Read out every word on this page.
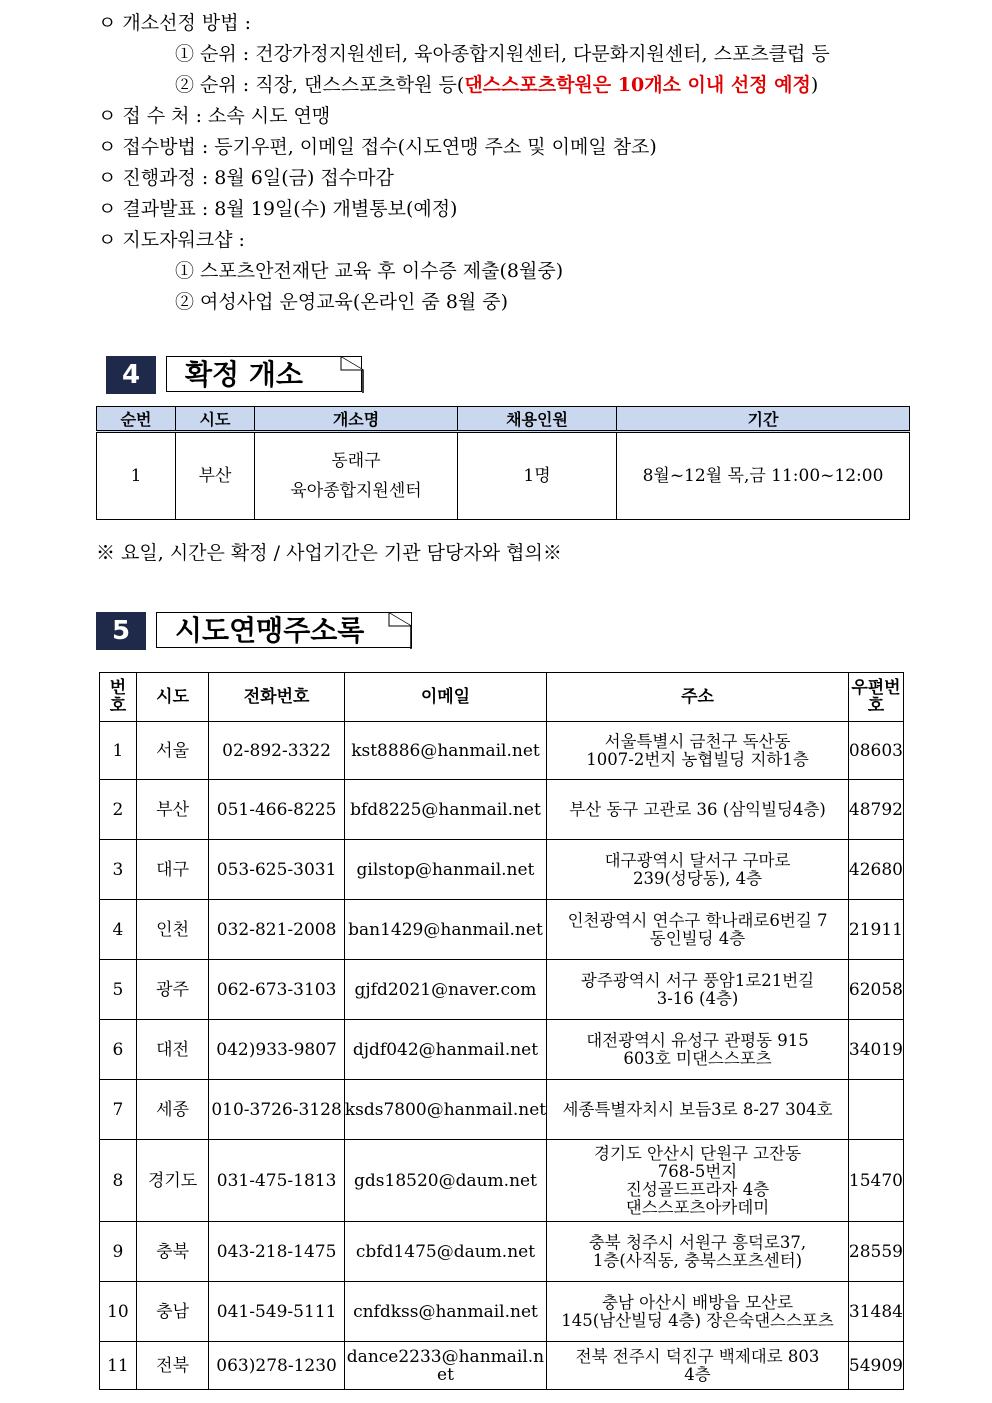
ㅇ 개소선정 방법 :
① 순위 : 건강가정지원센터, 육아종합지원센터, 다문화지원센터, 스포츠클럽 등
② 순위 : 직장, 댄스스포츠학원 등(댄스스포츠학원은 10개소 이내 선정 예정)
ㅇ 접 수 처 : 소속 시도 연맹
ㅇ 접수방법 : 등기우편, 이메일 접수(시도연맹 주소 및 이메일 참조)
ㅇ 진행과정 : 8월 6일(금) 접수마감
ㅇ 결과발표 : 8월 19일(수) 개별통보(예정)
ㅇ 지도자워크샵 :
① 스포츠안전재단 교육 후 이수증 제출(8월중)
② 여성사업 운영교육(온라인 줌 8월 중)
4	확정 개소
순번	시도	개소명	채용인원	기간
1	부산	동래구
육아종합지원센터	1명	8월~12월 목,금 11:00~12:00
※ 요일, 시간은 확정 / 사업기간은 기관 담당자와 협의※
5	시도연맹주소록
번
호	시도	전화번호	이메일	주소	우편번
호
1	서울	02-892-3322	kst8886@hanmail.net	서울특별시 금천구 독산동
1007-2번지 농협빌딩 지하1층	08603
2	부산	051-466-8225	bfd8225@hanmail.net	부산 동구 고관로 36 (삼익빌딩4층)	48792
3	대구	053-625-3031	gilstop@hanmail.net	대구광역시 달서구 구마로
239(성당동), 4층	42680
4	인천	032-821-2008	ban1429@hanmail.net	인천광역시 연수구 학나래로6번길 7
동인빌딩 4층	21911
5	광주	062-673-3103	gjfd2021@naver.com	광주광역시 서구 풍암1로21번길
3-16 (4층)	62058
6	대전	042)933-9807	djdf042@hanmail.net	대전광역시 유성구 관평동 915
603호 미댄스스포츠	34019
7	세종	010-3726-3128	ksds7800@hanmail.net	세종특별자치시 보듬3로 8-27 304호	
8	경기도	031-475-1813	gds18520@daum.net	경기도 안산시 단원구 고잔동
768-5번지
진성골드프라자 4층
댄스스포츠아카데미	15470
9	충북	043-218-1475	cbfd1475@daum.net	충북 청주시 서원구 흥덕로37,
1층(사직동, 충북스포츠센터)	28559
10	충남	041-549-5111	cnfdkss@hanmail.net	충남 아산시 배방읍 모산로
145(남산빌딩 4층) 장은숙댄스스포츠	31484
11	전북	063)278-1230	dance2233@hanmail.n
et	전북 전주시 덕진구 백제대로 803
4층	54909
